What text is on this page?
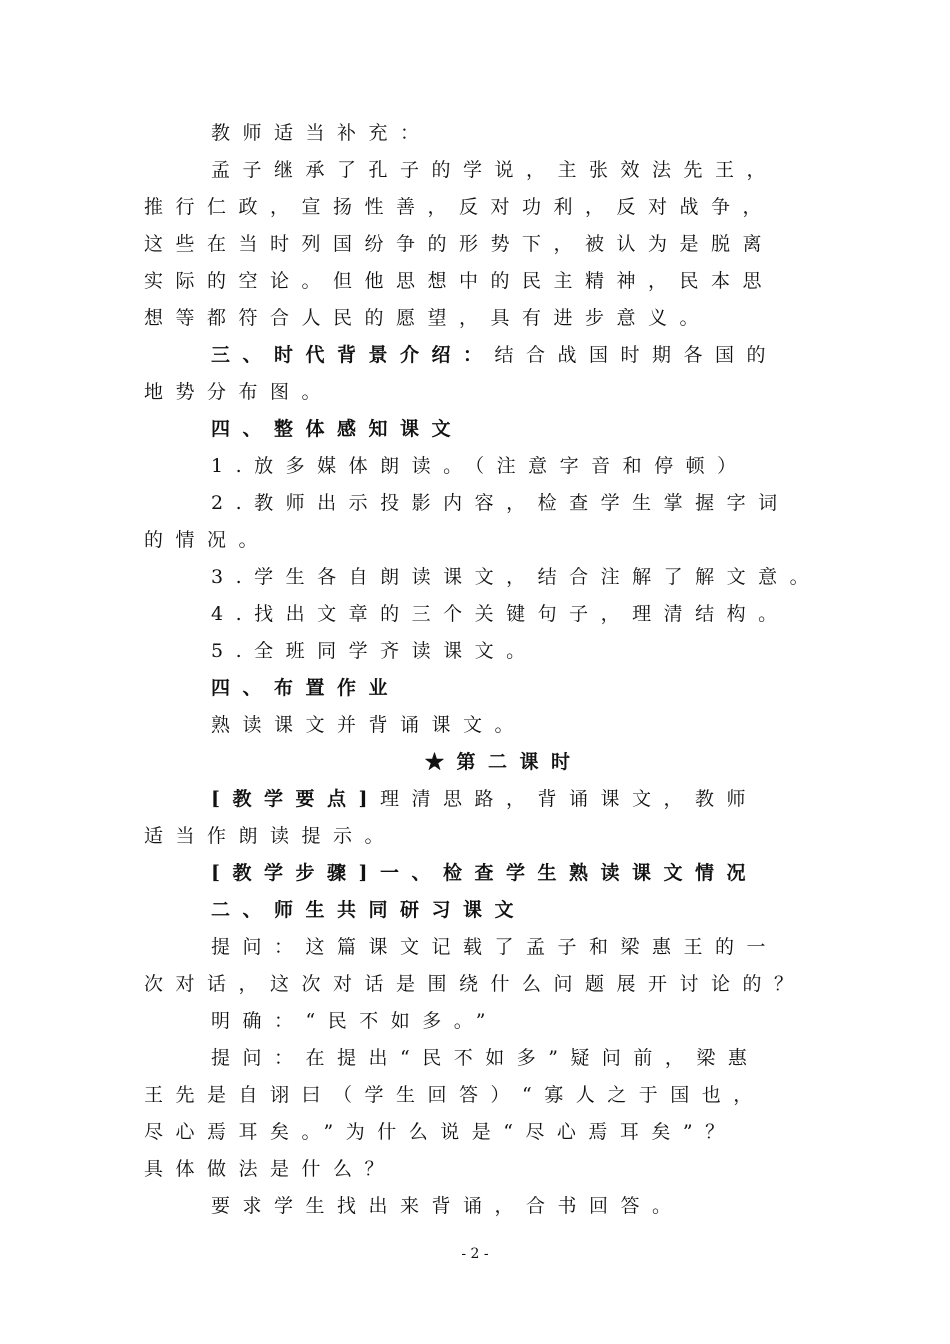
教师适当补充：
孟子继承了孔子的学说，主张效法先王，
推行仁政，宣扬性善，反对功利，反对战争，
这些在当时列国纷争的形势下，被认为是脱离
实际的空论。但他思想中的民主精神，民本思
想等都符合人民的愿望，具有进步意义。
三、时代背景介绍：结合战国时期各国的
地势分布图。
四、整体感知课文
1.放多媒体朗读。（注意字音和停顿）
2.教师出示投影内容，检查学生掌握字词
的情况。
3.学生各自朗读课文，结合注解了解文意。
4.找出文章的三个关键句子，理清结构。
5.全班同学齐读课文。
四、布置作业
熟读课文并背诵课文。
★第二课时
[教学要点]理清思路，背诵课文，教师
适当作朗读提示。
[教学步骤]一、检查学生熟读课文情况
二、师生共同研习课文
提问：这篇课文记载了孟子和梁惠王的一
次对话，这次对话是围绕什么问题展开讨论的？
明确：“民不如多。”
提问：在提出“民不如多”疑问前，梁惠
王先是自诩曰（学生回答）“寡人之于国也，
尽心焉耳矣。”为什么说是“尽心焉耳矣”？
具体做法是什么？
要求学生找出来背诵，合书回答。
- 2 -
